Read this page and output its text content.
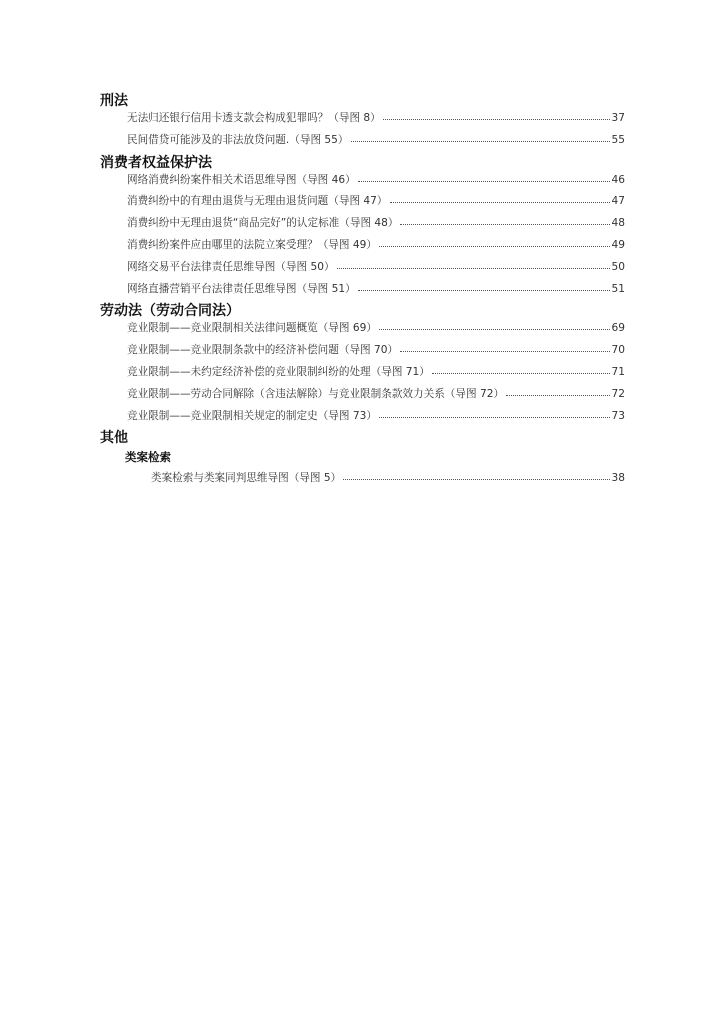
刑法
无法归还银行信用卡透支款会构成犯罪吗？（导图 8）	37
民间借贷可能涉及的非法放贷问题.（导图 55）	55
消费者权益保护法
网络消费纠纷案件相关术语思维导图（导图 46）	46
消费纠纷中的有理由退货与无理由退货问题（导图 47）	47
消费纠纷中无理由退货“商品完好”的认定标准（导图 48）	48
消费纠纷案件应由哪里的法院立案受理？（导图 49）	49
网络交易平台法律责任思维导图（导图 50）	50
网络直播营销平台法律责任思维导图（导图 51）	51
劳动法（劳动合同法）
竞业限制——竞业限制相关法律问题概览（导图 69）	69
竞业限制——竞业限制条款中的经济补偿问题（导图 70）	70
竞业限制——未约定经济补偿的竞业限制纠纷的处理（导图 71）	71
竞业限制——劳动合同解除（含违法解除）与竞业限制条款效力关系（导图 72）	72
竞业限制——竞业限制相关规定的制定史（导图 73）	73
其他
类案检索
类案检索与类案同判思维导图（导图 5）	38
